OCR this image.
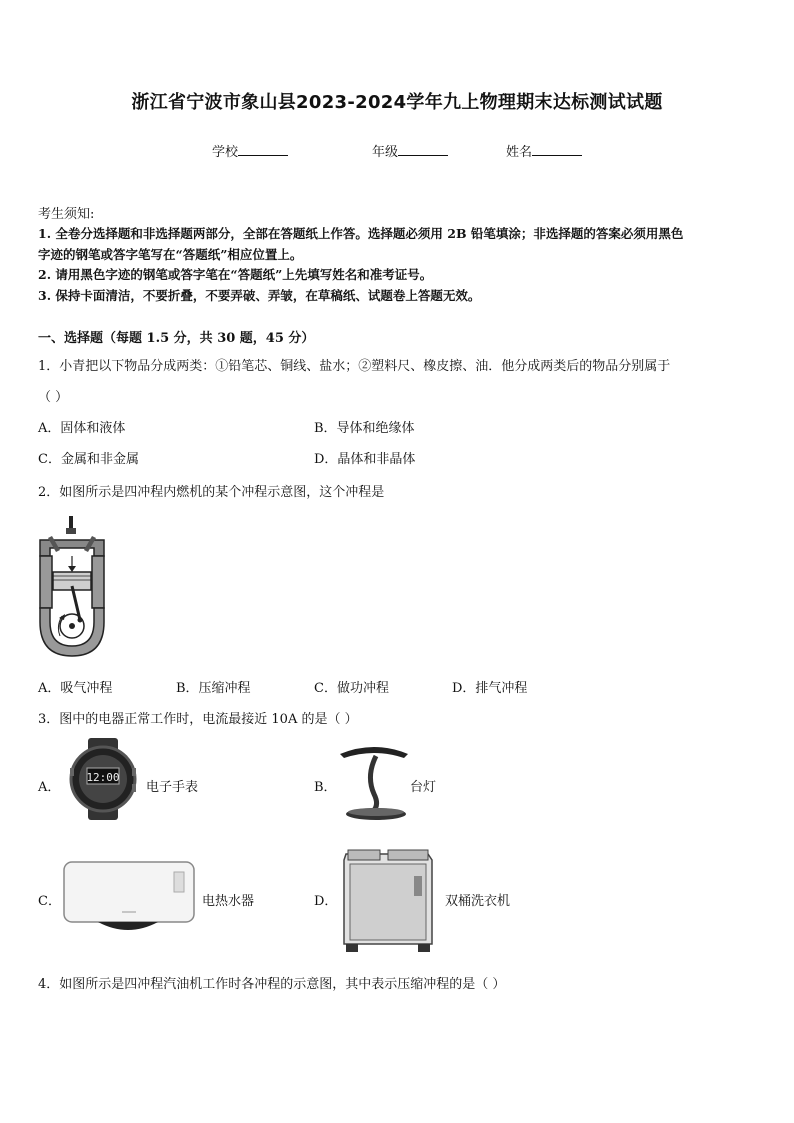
浙江省宁波市象山县2023-2024学年九上物理期末达标测试试题
学校	年级	姓名
考生须知:
1. 全卷分选择题和非选择题两部分，全部在答题纸上作答。选择题必须用 2B 铅笔填涂；非选择题的答案必须用黑色
字迹的钢笔或答字笔写在“答题纸”相应位置上。
2. 请用黑色字迹的钢笔或答字笔在“答题纸”上先填写姓名和准考证号。
3. 保持卡面清洁，不要折叠，不要弄破、弄皱，在草稿纸、试题卷上答题无效。
一、选择题（每题 1.5 分，共 30 题，45 分）
1．小青把以下物品分成两类：①铅笔芯、铜线、盐水；②塑料尺、橡皮擦、油．他分成两类后的物品分别属于
（ ）
A．固体和液体	B．导体和绝缘体
C．金属和非金属	D．晶体和非晶体
2．如图所示是四冲程内燃机的某个冲程示意图，这个冲程是
A．吸气冲程	B．压缩冲程	C．做功冲程	D．排气冲程
3．图中的电器正常工作时，电流最接近 10A 的是（ ）
A．
12:00
电子手表	B．	台灯
C．	电热水器	D．	双桶洗衣机
4．如图所示是四冲程汽油机工作时各冲程的示意图，其中表示压缩冲程的是（ ）
